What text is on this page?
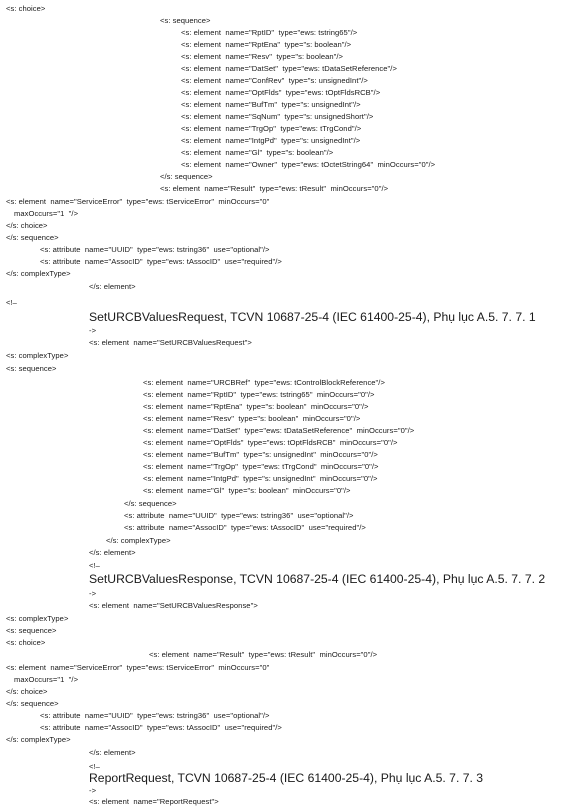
<s: choice>
<s: sequence>
<s: element  name="RptID"  type="ews: tstring65"/>
<s: element  name="RptEna"  type="s: boolean"/>
<s: element  name="Resv"  type="s: boolean"/>
<s: element  name="DatSet"  type="ews: tDataSetReference"/>
<s: element  name="ConfRev"  type="s: unsignedInt"/>
<s: element  name="OptFlds"  type="ews: tOptFldsRCB"/>
<s: element  name="BufTm"  type="s: unsignedInt"/>
<s: element  name="SqNum"  type="s: unsignedShort"/>
<s: element  name="TrgOp"  type="ews: tTrgCond"/>
<s: element  name="IntgPd"  type="s: unsignedInt"/>
<s: element  name="Gl"  type="s: boolean"/>
<s: element  name="Owner"  type="ews: tOctetString64"  minOccurs="0"/>
</s: sequence>
<s: element  name="Result"  type="ews: tResult"  minOccurs="0"/>
<s: element  name="ServiceError"  type="ews: tServiceError"  minOccurs="0"
maxOccurs="1  "/>
</s: choice>
</s: sequence>
<s: attribute  name="UUID"  type="ews: tstring36"  use="optional"/>
<s: attribute  name="AssocID"  type="ews: tAssocID"  use="required"/>
</s: complexType>
</s: element>
<!–
SetURCBValuesRequest, TCVN 10687-25-4 (IEC 61400-25-4), Phụ lục A.5. 7. 7. 1
->
<s: element  name="SetURCBValuesRequest">
<s: complexType>
<s: sequence>
<s: element  name="URCBRef"  type="ews: tControlBlockReference"/>
<s: element  name="RptID"  type="ews: tstring65"  minOccurs="0"/>
<s: element  name="RptEna"  type="s: boolean"  minOccurs="0"/>
<s: element  name="Resv"  type="s: boolean"  minOccurs="0"/>
<s: element  name="DatSet"  type="ews: tDataSetReference"  minOccurs="0"/>
<s: element  name="OptFlds"  type="ews: tOptFldsRCB"  minOccurs="0"/>
<s: element  name="BufTm"  type="s: unsignedInt"  minOccurs="0"/>
<s: element  name="TrgOp"  type="ews: tTrgCond"  minOccurs="0"/>
<s: element  name="IntgPd"  type="s: unsignedInt"  minOccurs="0"/>
<s: element  name="Gl"  type="s: boolean"  minOccurs="0"/>
</s: sequence>
<s: attribute  name="UUID"  type="ews: tstring36"  use="optional"/>
<s: attribute  name="AssocID"  type="ews: tAssocID"  use="required"/>
</s: complexType>
</s: element>
<!–
SetURCBValuesResponse, TCVN 10687-25-4 (IEC 61400-25-4), Phụ lục A.5. 7. 7. 2
->
<s: element  name="SetURCBValuesResponse">
<s: complexType>
<s: sequence>
<s: choice>
<s: element  name="Result"  type="ews: tResult"  minOccurs="0"/>
<s: element  name="ServiceError"  type="ews: tServiceError"  minOccurs="0"
maxOccurs="1  "/>
</s: choice>
</s: sequence>
<s: attribute  name="UUID"  type="ews: tstring36"  use="optional"/>
<s: attribute  name="AssocID"  type="ews: tAssocID"  use="required"/>
</s: complexType>
</s: element>
<!–
ReportRequest, TCVN 10687-25-4 (IEC 61400-25-4), Phụ lục A.5. 7. 7. 3
->
<s: element  name="ReportRequest">
